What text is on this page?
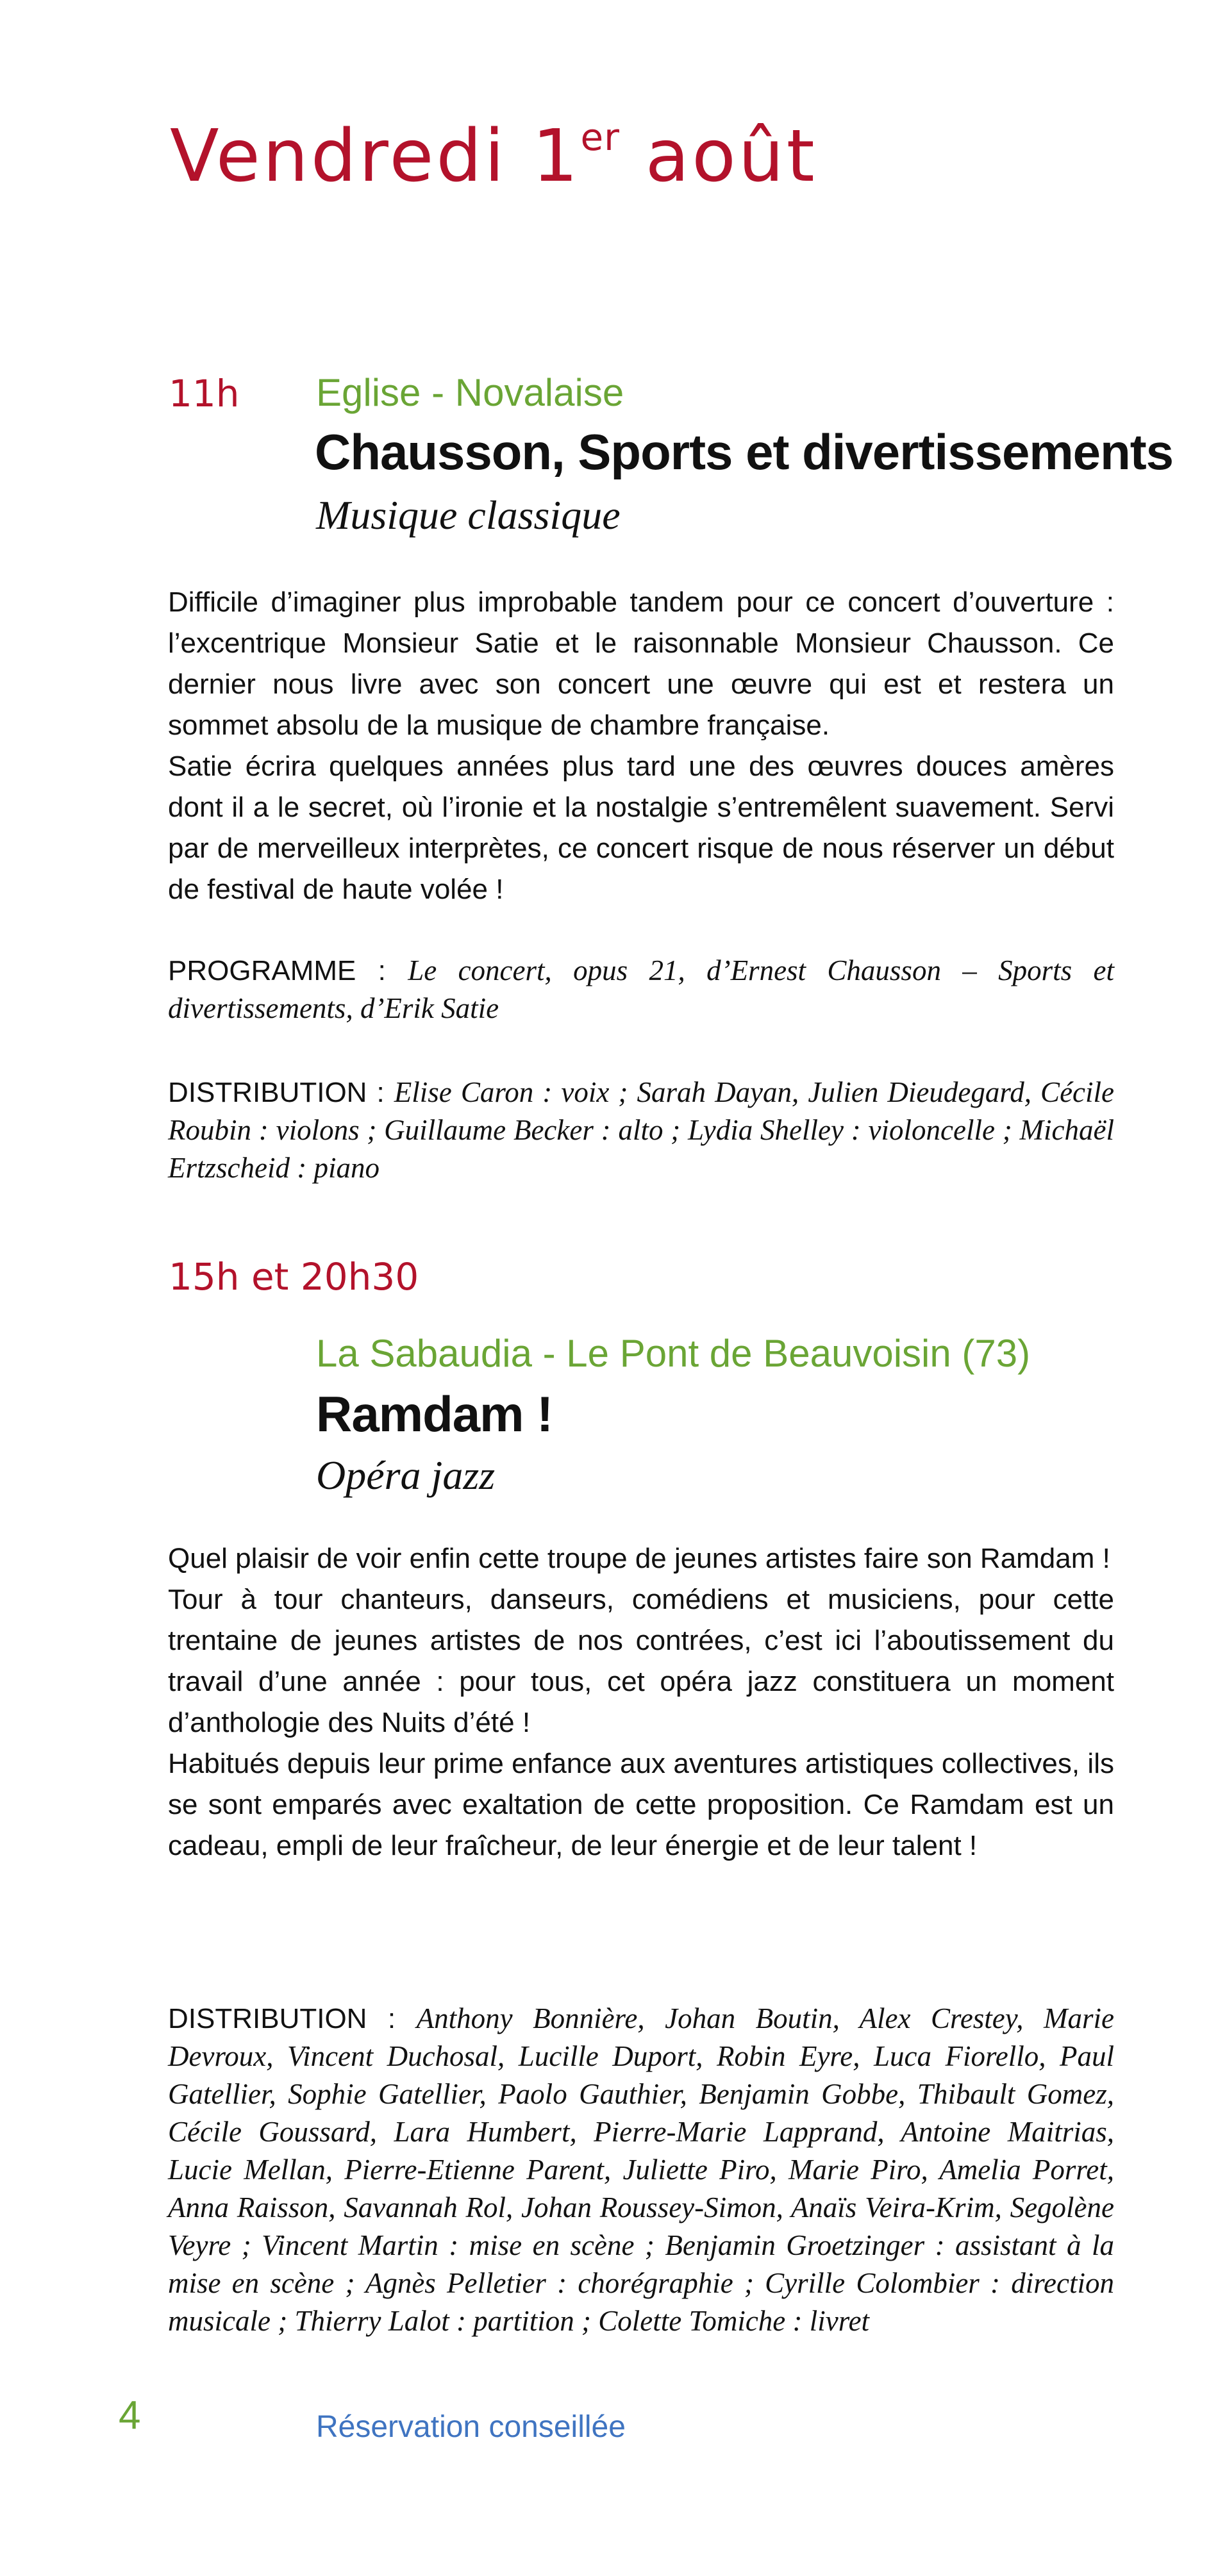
Vendredi 1er août
11h Eglise - Novalaise
Chausson, Sports et divertissements
Musique classique

Difficile d’imaginer plus improbable tandem pour ce concert d’ouverture : l’excentrique Monsieur Satie et le raisonnable Monsieur Chausson. Ce dernier nous livre avec son concert une œuvre qui est et restera un sommet absolu de la musique de chambre française.

Satie écrira quelques années plus tard une des œuvres douces amères dont il a le secret, où l’ironie et la nostalgie s’entremêlent suavement. Servi par de merveilleux interprètes, ce concert risque de nous réserver un début de festival de haute volée !

PROGRAMME : Le concert, opus 21, d’Ernest Chausson – Sports et divertissements, d’Erik Satie
DISTRIBUTION : Elise Caron : voix ; Sarah Dayan, Julien Dieudegard, Cécile Roubin : violons ; Guillaume Becker : alto ; Lydia Shelley : violoncelle ; Michaël Ertzscheid : piano
15h et 20h30
La Sabaudia - Le Pont de Beauvoisin (73)
Ramdam !
Opéra jazz

Quel plaisir de voir enfin cette troupe de jeunes artistes faire son Ramdam !

Tour à tour chanteurs, danseurs, comédiens et musiciens, pour cette trentaine de jeunes artistes de nos contrées, c’est ici l’aboutissement du travail d’une année : pour tous, cet opéra jazz constituera un moment d’anthologie des Nuits d’été !

Habitués depuis leur prime enfance aux aventures artistiques collectives, ils se sont emparés avec exaltation de cette proposition. Ce Ramdam est un cadeau, empli de leur fraîcheur, de leur énergie et de leur talent !

DISTRIBUTION : Anthony Bonnière, Johan Boutin, Alex Crestey, Marie Devroux, Vincent Duchosal, Lucille Duport, Robin Eyre, Luca Fiorello, Paul Gatellier, Sophie Gatellier, Paolo Gauthier, Benjamin Gobbe, Thibault Gomez, Cécile Goussard, Lara Humbert, Pierre-Marie Lapprand, Antoine Maitrias, Lucie Mellan, Pierre-Etienne Parent, Juliette Piro, Marie Piro, Amelia Porret, Anna Raisson, Savannah Rol, Johan Roussey-Simon, Anaïs Veira-Krim, Segolène Veyre ; Vincent Martin : mise en scène ; Benjamin Groetzinger : assistant à la mise en scène ; Agnès Pelletier : chorégraphie ; Cyrille Colombier : direction musicale ; Thierry Lalot : partition ; Colette Tomiche : livret
4	Réservation conseillée
